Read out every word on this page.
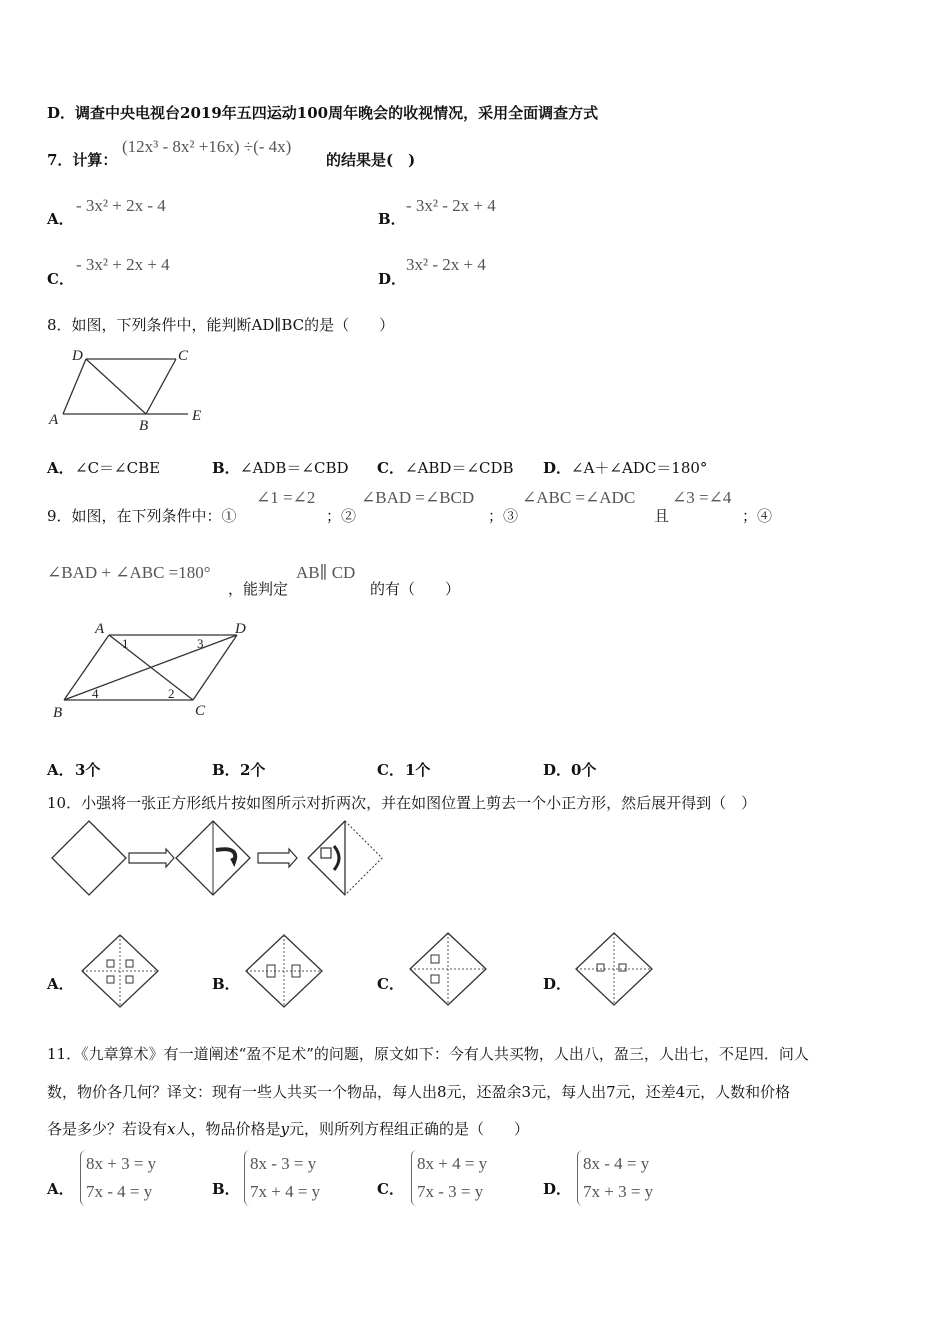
D．调查中央电视台2019年五四运动100周年晚会的收视情况，采用全面调查方式
7．计算：
(12x³ - 8x² +16x) ÷(- 4x)
的结果是(　)
A．
- 3x² + 2x - 4
B．
- 3x² - 2x + 4
C．
- 3x² + 2x + 4
D．
3x² - 2x + 4
8．如图，下列条件中，能判断AD∥BC的是（　　）
D	C
A	B
E
A． ∠C＝∠CBE	B． ∠ADB＝∠CBD C． ∠ABD＝∠CDB D． ∠A＋∠ADC＝180°
9．如图，在下列条件中：①
∠1 =∠2
；②
∠BAD =∠BCD
；③
∠ABC =∠ADC
且
∠3 =∠4
；④
∠BAD + ∠ABC =180°
，能判定
AB∥ CD
的有（　　）
A	D
B	C
1
2
3
4
A． 3个	B． 2个	C． 1个	D． 0个
10．小强将一张正方形纸片按如图所示对折两次，并在如图位置上剪去一个小正方形，然后展开得到（　）
A．	B．	C．	D．
11．《九章算术》有一道阐述“盈不足术”的问题，原文如下：今有人共买物，人出八，盈三，人出七，不足四．问人
数，物价各几何？译文：现有一些人共买一个物品，每人出8元，还盈余3元，每人出7元，还差4元，人数和价格
各是多少？若设有x人，物品价格是y元，则所列方程组正确的是（　　）
A．
8x + 3 = y
7x - 4 = y	B．
8x - 3 = y
7x + 4 = y	C．
8x + 4 = y
7x - 3 = y	D．
8x - 4 = y
7x + 3 = y
